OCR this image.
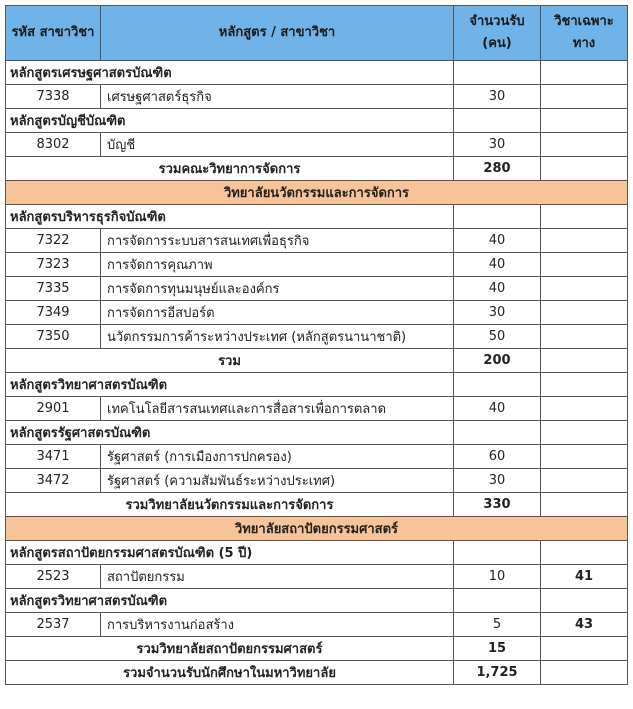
รหัส สาขาวิชา	หลักสูตร / สาขาวิชา	จำนวนรับ (คน)	วิชาเฉพาะทาง
หลักสูตรเศรษฐศาสตรบัณฑิต			
7338	เศรษฐศาสตร์ธุรกิจ	30	
หลักสูตรบัญชีบัณฑิต			
8302	บัญชี	30	
รวมคณะวิทยาการจัดการ		280	
วิทยาลัยนวัตกรรมและการจัดการ			
หลักสูตรบริหารธุรกิจบัณฑิต			
7322	การจัดการระบบสารสนเทศเพื่อธุรกิจ	40	
7323	การจัดการคุณภาพ	40	
7335	การจัดการทุนมนุษย์และองค์กร	40	
7349	การจัดการอีสปอร์ต	30	
7350	นวัตกรรมการค้าระหว่างประเทศ (หลักสูตรนานาชาติ)	50	
รวม		200	
หลักสูตรวิทยาศาสตรบัณฑิต			
2901	เทคโนโลยีสารสนเทศและการสื่อสารเพื่อการตลาด	40	
หลักสูตรรัฐศาสตรบัณฑิต			
3471	รัฐศาสตร์ (การเมืองการปกครอง)	60	
3472	รัฐศาสตร์ (ความสัมพันธ์ระหว่างประเทศ)	30	
รวมวิทยาลัยนวัตกรรมและการจัดการ		330	
วิทยาลัยสถาปัตยกรรมศาสตร์			
หลักสูตรสถาปัตยกรรมศาสตรบัณฑิต (5 ปี)			
2523	สถาปัตยกรรม	10	41
หลักสูตรวิทยาศาสตรบัณฑิต			
2537	การบริหารงานก่อสร้าง	5	43
รวมวิทยาลัยสถาปัตยกรรมศาสตร์		15	
รวมจำนวนรับนักศึกษาในมหาวิทยาลัย		1,725	
